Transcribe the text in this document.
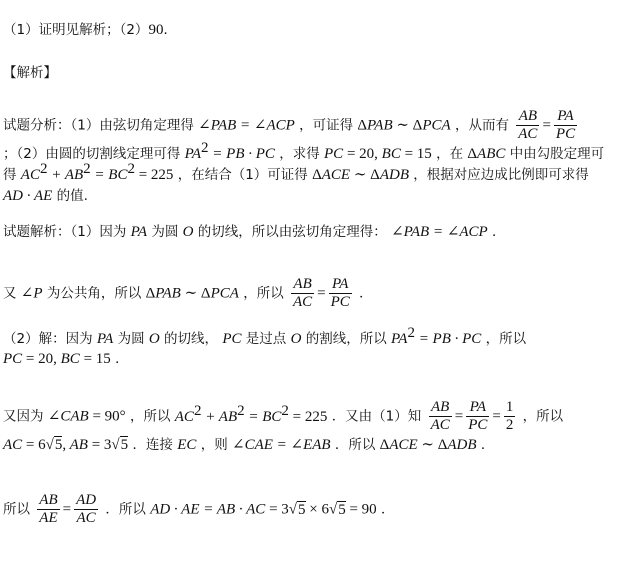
（1）证明见解析；（2）90．
【解析】
试题分析：（1）由弦切角定理得 ∠PAB = ∠ACP ，可证得 ΔPAB ∼ ΔPCA ，从而有 $\frac{AB}{AC} = \frac{PA}{PC}$
；（2）由圆的切割线定理可得 $PA^2$ = PB · PC ，求得 PC = 20, BC = 15 ，在 ΔABC 中由勾股定理可
得 $AC^2 + AB^2 = BC^2 = 225$ ，在结合（1）可证得 ΔACE ∼ ΔADB ，根据对应边成比例即可求得
AD · AE 的值.
试题解析：（1）因为 PA 为圆 O 的切线，所以由弦切角定理得： ∠PAB = ∠ACP ．
又 ∠P 为公共角，所以 ΔPAB ∼ ΔPCA ，所以 $\frac{AB}{AC} = \frac{PA}{PC}$ ．
（2）解：因为 PA 为圆 O 的切线， PC 是过点 O 的割线，所以 $PA^2$ = PB · PC ，所以
PC = 20, BC = 15 ．
又因为 ∠CAB = 90° ，所以 $AC^2 + AB^2 = BC^2 = 225$ ．又由（1）知 $\frac{AB}{AC} = \frac{PA}{PC} = \frac{1}{2}$ ，所以
AC = 6√5, AB = 3√5 ．连接 EC ，则 ∠CAE = ∠EAB ．所以 ΔACE ∼ ΔADB ．
所以 $\frac{AB}{AE} = \frac{AD}{AC}$ ．所以 AD · AE = AB · AC = 3√5 × 6√5 = 90 ．
